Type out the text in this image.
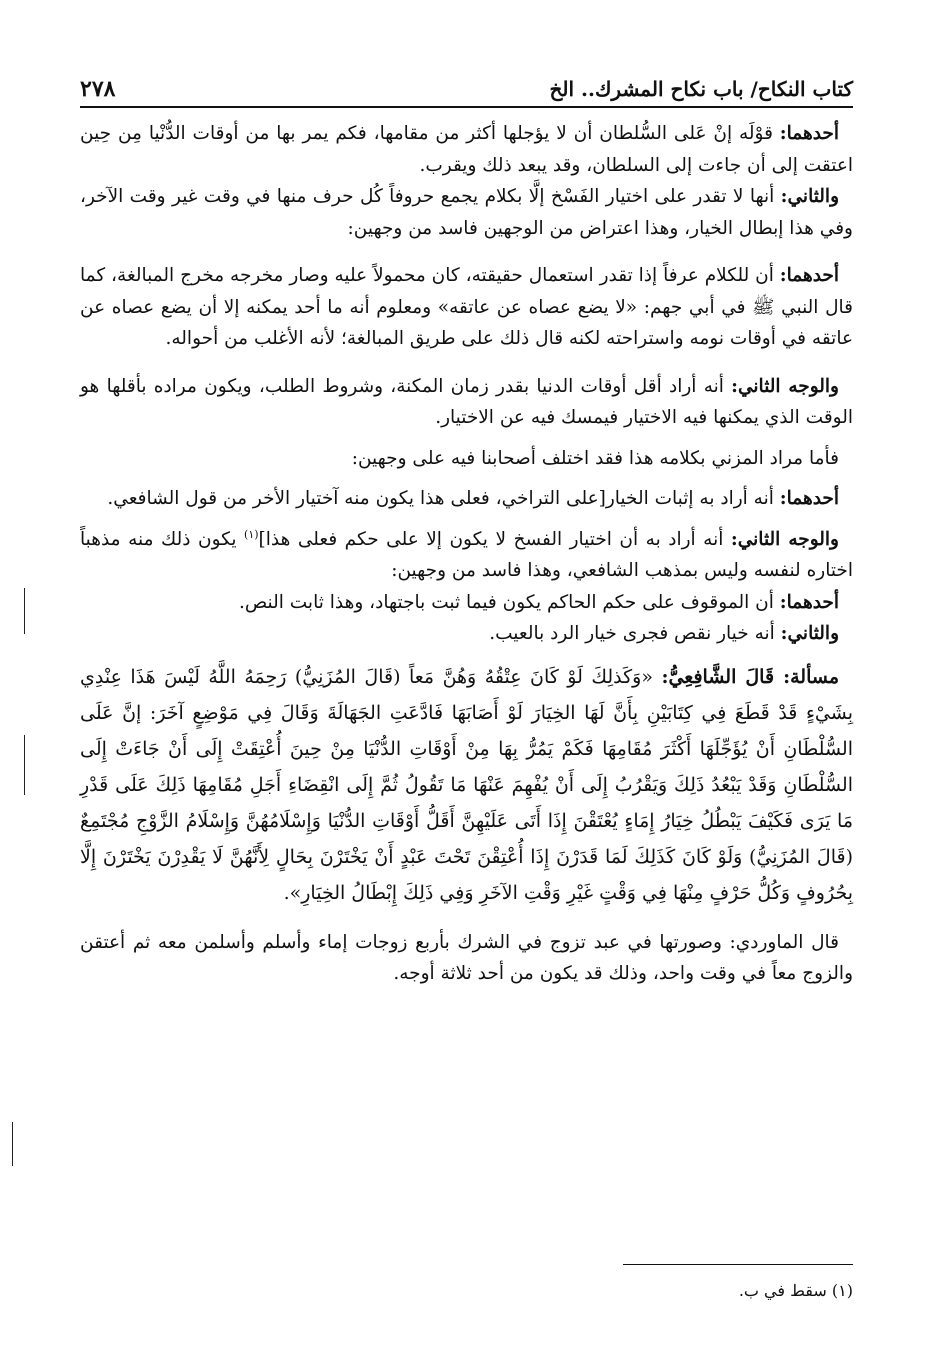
كتاب النكاح/ باب نكاح المشرك.. الخ
٢٧٨

أحدهما: قوْلَه إنْ عَلى السُّلطان أن لا يؤجلها أكثر من مقامها، فكم يمر بها من أوقات الدُّنْيا مِن حِين اعتقت إلى أن جاءت إلى السلطان، وقد يبعد ذلك ويقرب.

والثاني: أنها لا تقدر على اختيار الفَسْخ إلَّا بكلام يجمع حروفاً كُل حرف منها في وقت غير وقت الآخر، وفي هذا إبطال الخيار، وهذا اعتراض من الوجهين فاسد من وجهين:

أحدهما: أن للكلام عرفاً إذا تقدر استعمال حقيقته، كان محمولاً عليه وصار مخرجه مخرج المبالغة، كما قال النبي ﷺ في أبي جهم: «لا يضع عصاه عن عاتقه» ومعلوم أنه ما أحد يمكنه إلا أن يضع عصاه عن عاتقه في أوقات نومه واستراحته لكنه قال ذلك على طريق المبالغة؛ لأنه الأغلب من أحواله.

والوجه الثاني: أنه أراد أقل أوقات الدنيا بقدر زمان المكنة، وشروط الطلب، ويكون مراده بأقلها هو الوقت الذي يمكنها فيه الاختيار فيمسك فيه عن الاختيار.

فأما مراد المزني بكلامه هذا فقد اختلف أصحابنا فيه على وجهين:

أحدهما: أنه أراد به إثبات الخيار[على التراخي، فعلى هذا يكون منه آختيار الأخر من قول الشافعي.

والوجه الثاني: أنه أراد به أن اختيار الفسخ لا يكون إلا على حكم فعلى هذا]$^{(١)}$ يكون ذلك منه مذهباً اختاره لنفسه وليس بمذهب الشافعي، وهذا فاسد من وجهين:

أحدهما: أن الموقوف على حكم الحاكم يكون فيما ثبت باجتهاد، وهذا ثابت النص.

والثاني: أنه خيار نقص فجرى خيار الرد بالعيب.

مسألة: قَالَ الشَّافِعِيُّ: «وَكَذلِكَ لَوْ كَانَ عِتْقُهُ وَهُنَّ مَعاً (قَالَ المُزَنِيُّ) رَحِمَهُ اللَّهُ لَيْسَ هَذَا عِنْدِي بِشَيْءٍ قَدْ قَطَعَ فِي كِتَابَيْنِ بِأَنَّ لَهَا الخِيَارَ لَوْ أَصَابَهَا فَادَّعَتِ الجَهَالَةَ وَقَالَ فِي مَوْضِعٍ آخَرَ: إنَّ عَلَى السُّلْطَانِ أَنْ يُؤَجِّلَهَا أَكْثَرَ مُقَامِهَا فَكَمْ يَمُرُّ بِهَا مِنْ أَوْقَاتِ الدُّنْيَا مِنْ حِينَ أُعْتِقَتْ إِلَى أَنْ جَاءَتْ إِلَى السُّلْطَانِ وَقَدْ يَبْعُدُ ذَلِكَ وَيَقْرُبُ إِلَى أَنْ يُفْهِمَ عَنْهَا مَا تَقُولُ ثُمَّ إِلَى انْقِضَاءِ أَجَلِ مُقَامِهَا ذَلِكَ عَلَى قَدْرِ مَا يَرَى فَكَيْفَ يَبْطُلُ خِيَارُ إِمَاءٍ يُعْتَقْنَ إِذَا أَتَى عَلَيْهِنَّ أَقَلُّ أَوْقَاتِ الدُّنْيَا وَإِسْلَامُهُنَّ وَإِسْلَامُ الزَّوْجِ مُجْتَمِعٌ (قَالَ المُزَنِيُّ) وَلَوْ كَانَ كَذَلِكَ لَمَا قَدَرْنَ إِذَا أُعْتِقْنَ تَحْتَ عَبْدٍ أَنْ يَخْتَرْنَ بِحَالٍ لِأَنَّهُنَّ لَا يَقْدِرْنَ يَخْتَرْنَ إِلَّا بِحُرُوفٍ وَكُلُّ حَرْفٍ مِنْهَا فِي وَقْتٍ غَيْرِ وَقْتِ الآخَرِ وَفِي ذَلِكَ إِبْطَالُ الخِيَارِ».

قال الماوردي: وصورتها في عبد تزوج في الشرك بأربع زوجات إماء وأسلم وأسلمن معه ثم أعتقن والزوج معاً في وقت واحد، وذلك قد يكون من أحد ثلاثة أوجه.

(١) سقط في ب.
